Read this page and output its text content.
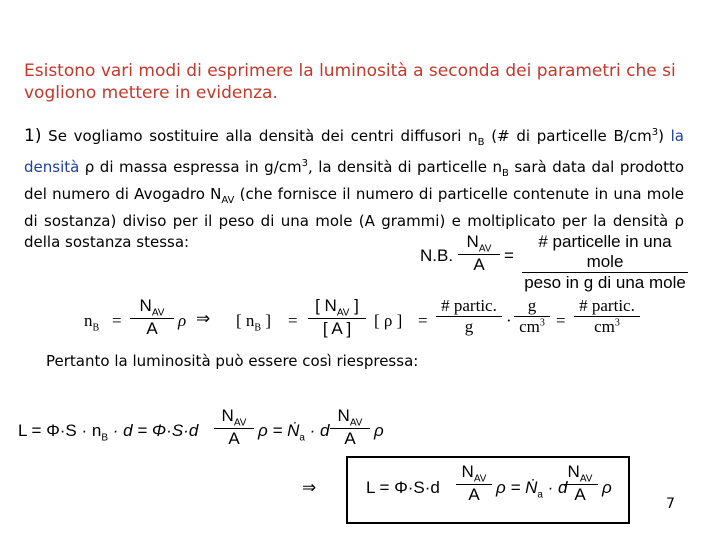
Esistono vari modi di esprimere la luminosità a seconda dei parametri che si vogliono mettere in evidenza.
1) Se vogliamo sostituire alla densità dei centri diffusori $n_B$ (# di particelle $B/cm^3$) la densità ρ di massa espressa in $g/cm^3$, la densità di particelle $n_B$ sarà data dal prodotto del numero di Avogadro $N_{AV}$ (che fornisce il numero di particelle contenute in una mole di sostanza) diviso per il peso di una mole (A grammi) e moltiplicato per la densità ρ della sostanza stessa:
N.B.
$N_{AV}$
A	=
# particelle in una mole
peso in g di una mole
$n_B$ =
$N_{AV}$
A	ρ ⇒ [ $n_B$ ] =
[ $N_{AV}$ ]
[ A ]	[ ρ ] =
# partic.
g	·
g
$cm^3$ =
# partic.
$cm^3$
Pertanto la luminosità può essere così riespressa:
$L = \Phi\cdot S \cdot n_B \cdot d = \Phi\cdot S\cdot d$
$N_{AV}$
A	ρ = Ṅ$_a$ · d
$N_{AV}$
A	ρ
⇒	L = Φ·S·d
$N_{AV}$
A ρ = Ṅ$_a$ · d
$N_{AV}$
A ρ
7
